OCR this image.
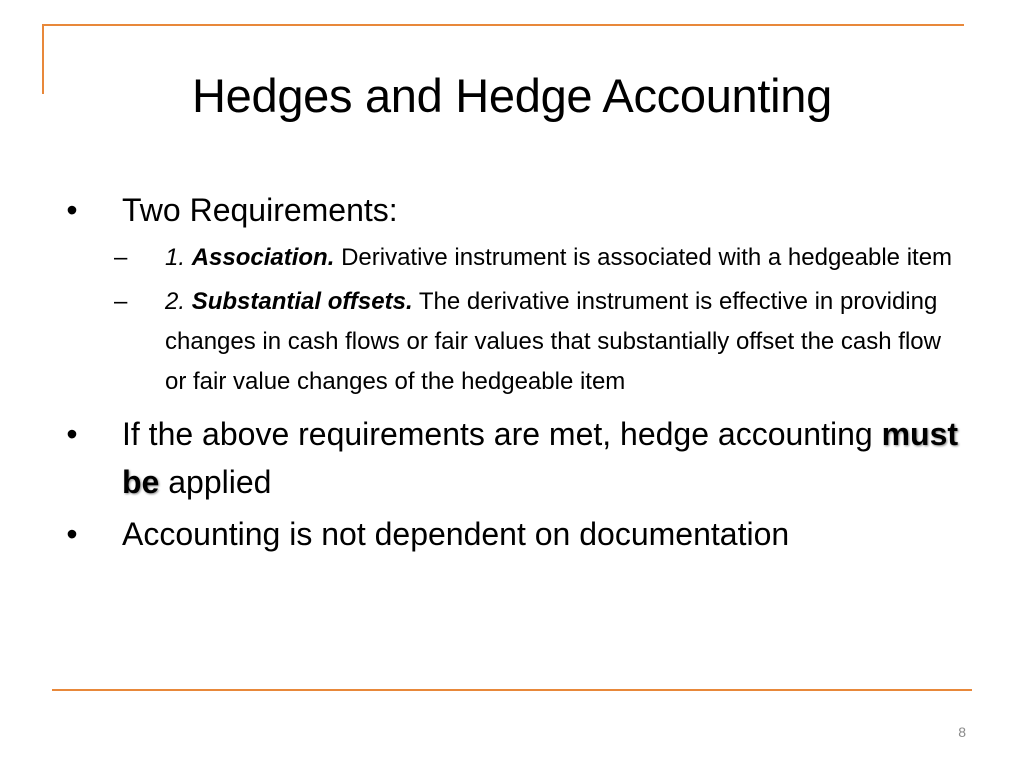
Hedges and Hedge Accounting
• Two Requirements:
– 1. Association. Derivative instrument is associated with a hedgeable item
– 2. Substantial offsets. The derivative instrument is effective in providing changes in cash flows or fair values that substantially offset the cash flow or fair value changes of the hedgeable item
• If the above requirements are met, hedge accounting must be applied
• Accounting is not dependent on documentation
8
